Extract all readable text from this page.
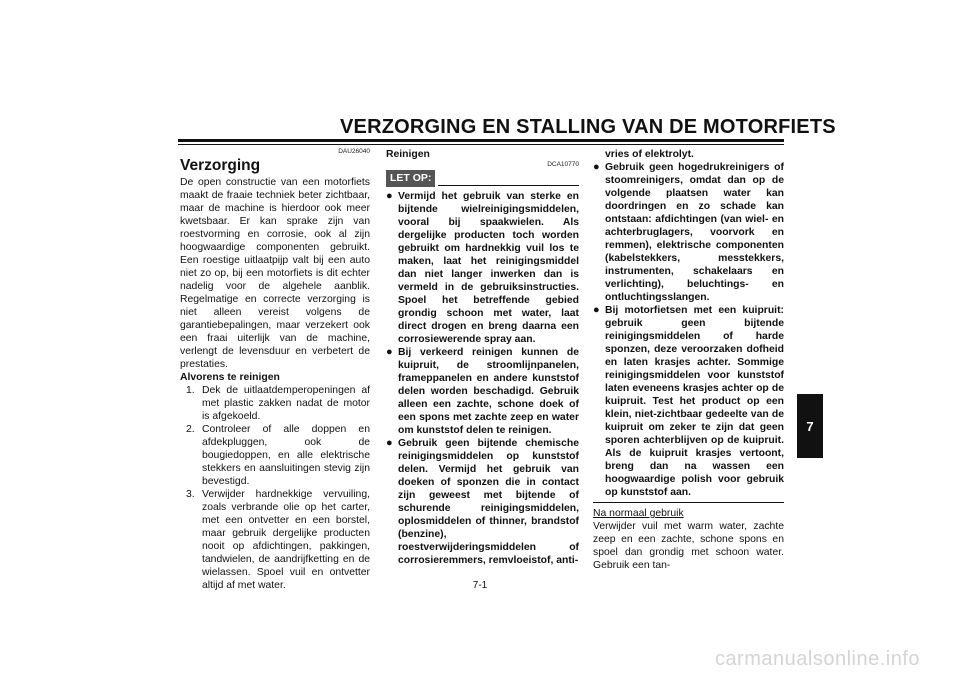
VERZORGING EN STALLING VAN DE MOTORFIETS
DAU26040
Verzorging

De open constructie van een motorfiets maakt de fraaie techniek beter zichtbaar, maar de machine is hierdoor ook meer kwetsbaar. Er kan sprake zijn van roestvorming en corrosie, ook al zijn hoogwaardige componenten gebruikt. Een roestige uitlaatpijp valt bij een auto niet zo op, bij een motorfiets is dit echter nadelig voor de algehele aanblik. Regelmatige en correcte verzorging is niet alleen vereist volgens de garantiebepalingen, maar verzekert ook een fraai uiterlijk van de machine, verlengt de levensduur en verbetert de prestaties.

Alvorens te reinigen
1. Dek de uitlaatdemperopeningen af met plastic zakken nadat de motor is afgekoeld.
2. Controleer of alle doppen en afdekpluggen, ook de bougiedoppen, en alle elektrische stekkers en aansluitingen stevig zijn bevestigd.
3. Verwijder hardnekkige vervuiling, zoals verbrande olie op het carter, met een ontvetter en een borstel, maar gebruik dergelijke producten nooit op afdichtingen, pakkingen, tandwielen, de aandrijfketting en de wielassen. Spoel vuil en ontvetter altijd af met water.
Reinigen
DCA10770
LET OP:
● Vermijd het gebruik van sterke en bijtende wielreinigingsmiddelen, vooral bij spaakwielen. Als dergelijke producten toch worden gebruikt om hardnekkig vuil los te maken, laat het reinigingsmiddel dan niet langer inwerken dan is vermeld in de gebruiksinstructies. Spoel het betreffende gebied grondig schoon met water, laat direct drogen en breng daarna een corrosiewerende spray aan.
● Bij verkeerd reinigen kunnen de kuipruit, de stroomlijnpanelen, frameppanelen en andere kunststof delen worden beschadigd. Gebruik alleen een zachte, schone doek of een spons met zachte zeep en water om kunststof delen te reinigen.
● Gebruik geen bijtende chemische reinigingsmiddelen op kunststof delen. Vermijd het gebruik van doeken of sponzen die in contact zijn geweest met bijtende of schurende reinigingsmiddelen, oplosmiddelen of thinner, brandstof (benzine), roestverwijderingsmiddelen of corrosieremmers, remvloeistof, anti-
vries of elektrolyt.
● Gebruik geen hogedrukreinigers of stoomreinigers, omdat dan op de volgende plaatsen water kan doordringen en zo schade kan ontstaan: afdichtingen (van wiel- en achterbruglagers, voorvork en remmen), elektrische componenten (kabelstekkers, messtekkers, instrumenten, schakelaars en verlichting), beluchtings- en ontluchtingsslangen.
● Bij motorfietsen met een kuipruit: gebruik geen bijtende reinigingsmiddelen of harde sponzen, deze veroorzaken dofheid en laten krasjes achter. Sommige reinigingsmiddelen voor kunststof laten eveneens krasjes achter op de kuipruit. Test het product op een klein, niet-zichtbaar gedeelte van de kuipruit om zeker te zijn dat geen sporen achterblijven op de kuipruit. Als de kuipruit krasjes vertoont, breng dan na wassen een hoogwaardige polish voor gebruik op kunststof aan.

Na normaal gebruik

Verwijder vuil met warm water, zachte zeep en een zachte, schone spons en spoel dan grondig met schoon water. Gebruik een tan-

7-1
7
carmanualsonline.info
